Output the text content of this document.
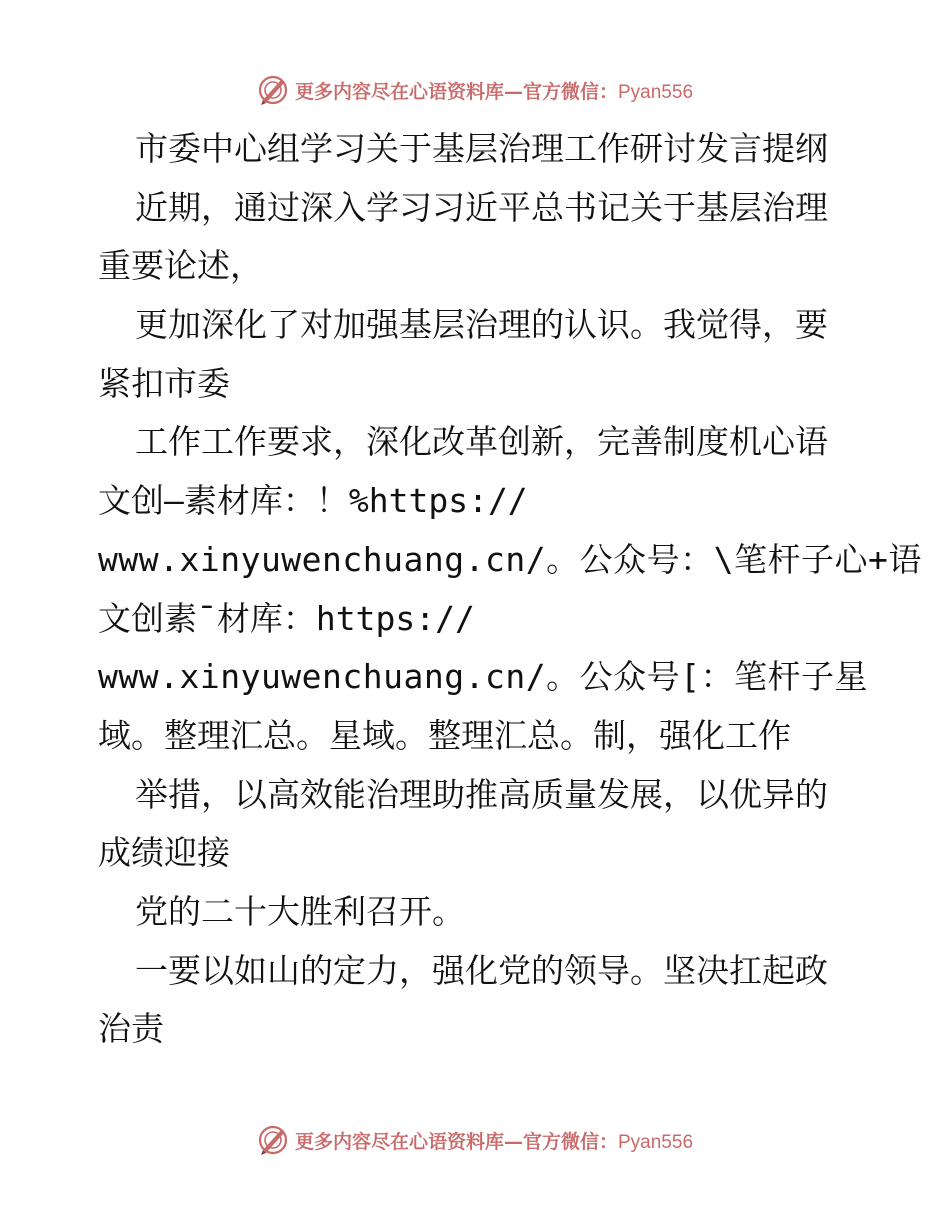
更多内容尽在心语资料库—官方微信：Pyan556
市委中心组学习关于基层治理工作研讨发言提纲
近期，通过深入学习习近平总书记关于基层治理
重要论述，
更加深化了对加强基层治理的认识。我觉得，要
紧扣市委
工作工作要求，深化改革创新，完善制度机心语
文创—素材库：！%https://
www.xinyuwenchuang.cn/。公众号：\笔杆子心+语
文创素¯材库：https://
www.xinyuwenchuang.cn/。公众号[：笔杆子星
域。整理汇总。星域。整理汇总。制，强化工作
举措，以高效能治理助推高质量发展，以优异的
成绩迎接
党的二十大胜利召开。
一要以如山的定力，强化党的领导。坚决扛起政
治责
更多内容尽在心语资料库—官方微信：Pyan556
